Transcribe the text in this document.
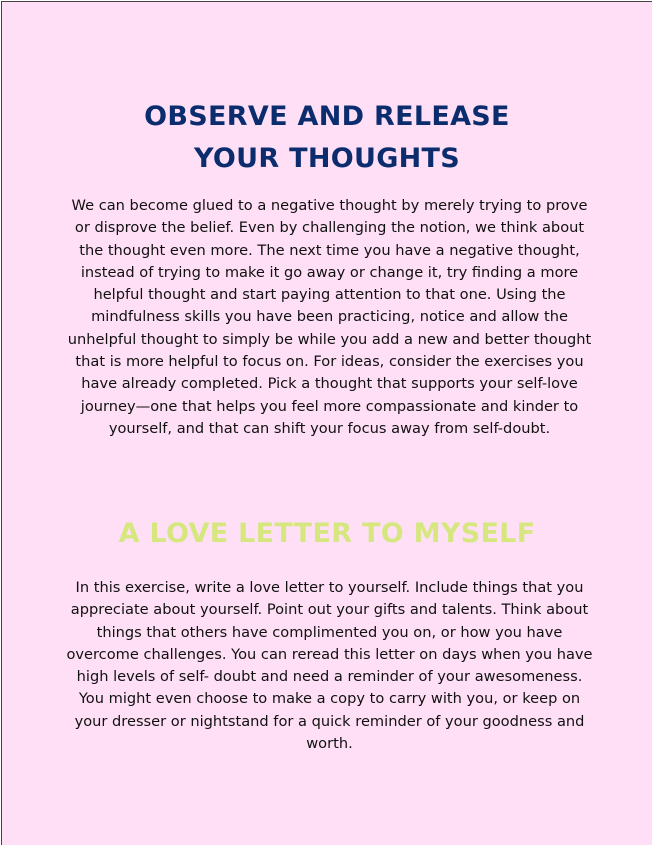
OBSERVE AND RELEASE
YOUR THOUGHTS

We can become glued to a negative thought by merely trying to prove or disprove the belief. Even by challenging the notion, we think about the thought even more. The next time you have a negative thought, instead of trying to make it go away or change it, try finding a more helpful thought and start paying attention to that one. Using the mindfulness skills you have been practicing, notice and allow the unhelpful thought to simply be while you add a new and better thought that is more helpful to focus on. For ideas, consider the exercises you have already completed. Pick a thought that supports your self-love journey—one that helps you feel more compassionate and kinder to yourself, and that can shift your focus away from self-doubt.

A LOVE LETTER TO MYSELF

In this exercise, write a love letter to yourself. Include things that you appreciate about yourself. Point out your gifts and talents. Think about things that others have complimented you on, or how you have overcome challenges. You can reread this letter on days when you have high levels of self- doubt and need a reminder of your awesomeness. You might even choose to make a copy to carry with you, or keep on your dresser or nightstand for a quick reminder of your goodness and worth.
